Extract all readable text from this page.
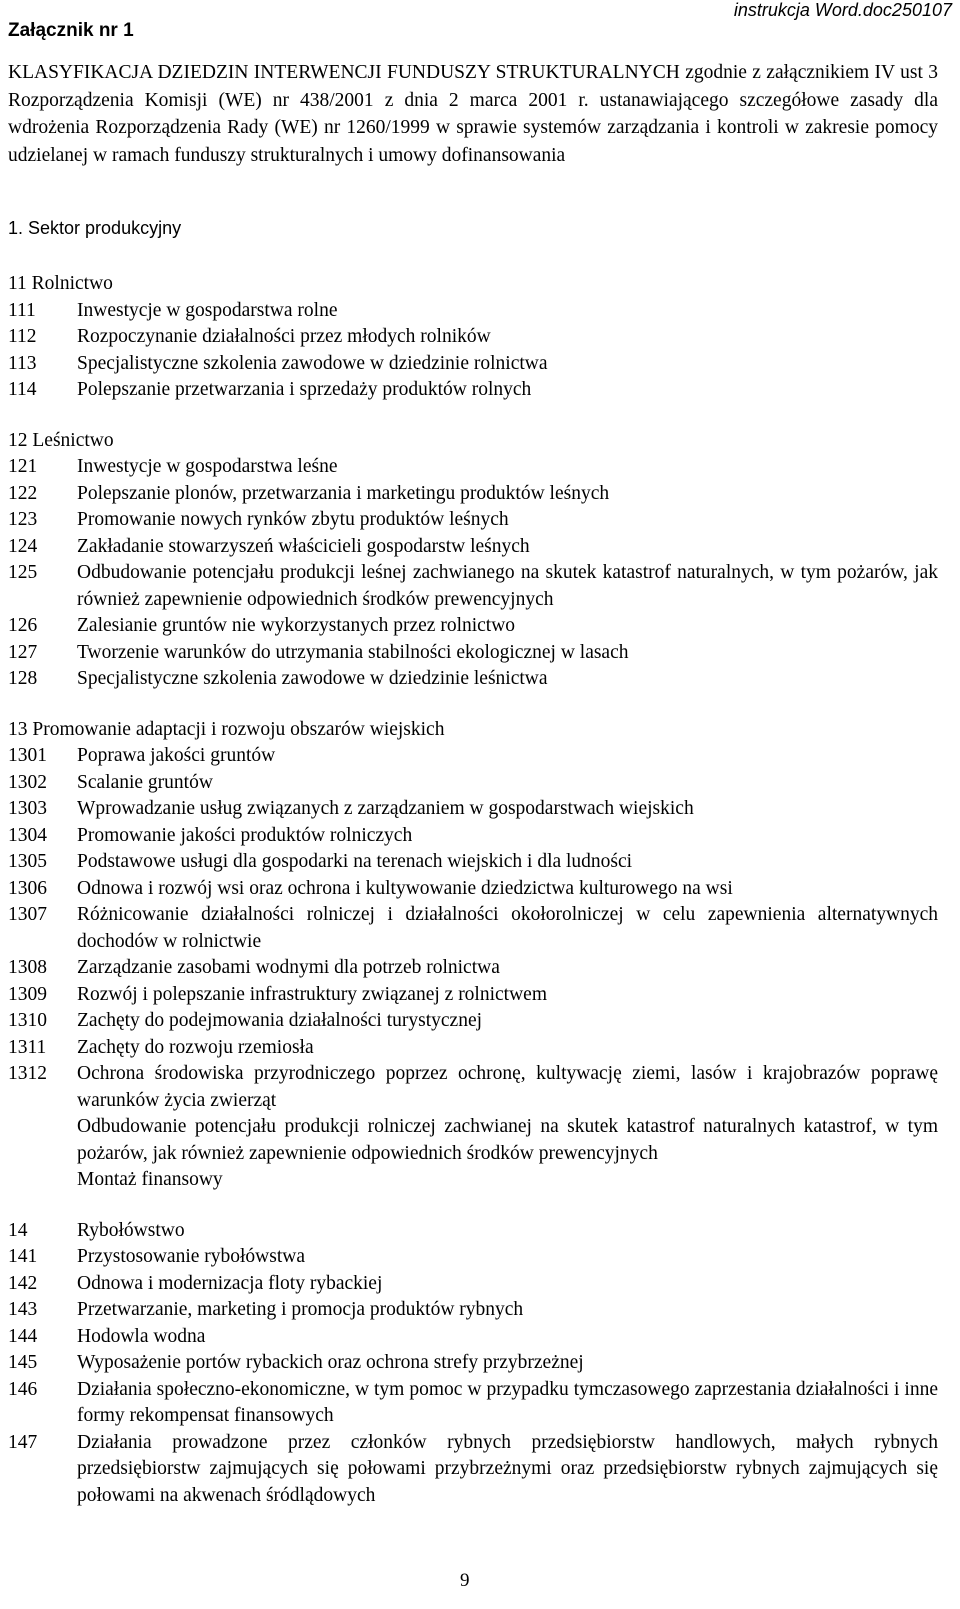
Załącznik nr 1
instrukcja Word.doc250107
KLASYFIKACJA DZIEDZIN INTERWENCJI FUNDUSZY STRUKTURALNYCH zgodnie z załącznikiem IV ust 3 Rozporządzenia Komisji (WE) nr 438/2001 z dnia 2 marca 2001 r. ustanawiającego szczegółowe zasady dla wdrożenia Rozporządzenia Rady (WE) nr 1260/1999 w sprawie systemów zarządzania i kontroli w zakresie pomocy udzielanej w ramach funduszy strukturalnych i umowy dofinansowania
1. Sektor produkcyjny
11 Rolnictwo
111	Inwestycje w gospodarstwa rolne
112	Rozpoczynanie działalności przez młodych rolników
113	Specjalistyczne szkolenia zawodowe w dziedzinie rolnictwa
114	Polepszanie przetwarzania i sprzedaży produktów rolnych
12 Leśnictwo
121	Inwestycje w gospodarstwa leśne
122	Polepszanie plonów, przetwarzania i marketingu produktów leśnych
123	Promowanie nowych rynków zbytu produktów leśnych
124	Zakładanie stowarzyszeń właścicieli gospodarstw leśnych
125	Odbudowanie potencjału produkcji leśnej zachwianego na skutek katastrof naturalnych, w tym pożarów, jak również zapewnienie odpowiednich środków prewencyjnych
126	Zalesianie gruntów nie wykorzystanych przez rolnictwo
127	Tworzenie warunków do utrzymania stabilności ekologicznej w lasach
128	Specjalistyczne szkolenia zawodowe w dziedzinie leśnictwa
13 Promowanie adaptacji i rozwoju obszarów wiejskich
1301	Poprawa jakości gruntów
1302	Scalanie gruntów
1303	Wprowadzanie usług związanych z zarządzaniem w gospodarstwach wiejskich
1304	Promowanie jakości produktów rolniczych
1305	Podstawowe usługi dla gospodarki na terenach wiejskich i dla ludności
1306	Odnowa i rozwój wsi oraz ochrona i kultywowanie dziedzictwa kulturowego na wsi
1307	Różnicowanie działalności rolniczej i działalności okołorolniczej w celu zapewnienia alternatywnych dochodów w rolnictwie
1308	Zarządzanie zasobami wodnymi dla potrzeb rolnictwa
1309	Rozwój i polepszanie infrastruktury związanej z rolnictwem
1310	Zachęty do podejmowania działalności turystycznej
1311	Zachęty do rozwoju rzemiosła
1312	Ochrona środowiska przyrodniczego poprzez ochronę, kultywację ziemi, lasów i krajobrazów poprawę warunków życia zwierząt
Odbudowanie potencjału produkcji rolniczej zachwianej na skutek katastrof naturalnych katastrof, w tym pożarów, jak również zapewnienie odpowiednich środków prewencyjnych
Montaż finansowy
14	Rybołówstwo
141	Przystosowanie rybołówstwa
142	Odnowa i modernizacja floty rybackiej
143	Przetwarzanie, marketing i promocja produktów rybnych
144	Hodowla wodna
145	Wyposażenie portów rybackich oraz ochrona strefy przybrzeżnej
146	Działania społeczno-ekonomiczne, w tym pomoc w przypadku tymczasowego zaprzestania działalności i inne formy rekompensat finansowych
147	Działania prowadzone przez członków rybnych przedsiębiorstw handlowych, małych rybnych przedsiębiorstw zajmujących się połowami przybrzeżnymi oraz przedsiębiorstw rybnych zajmujących się połowami na akwenach śródlądowych
9
